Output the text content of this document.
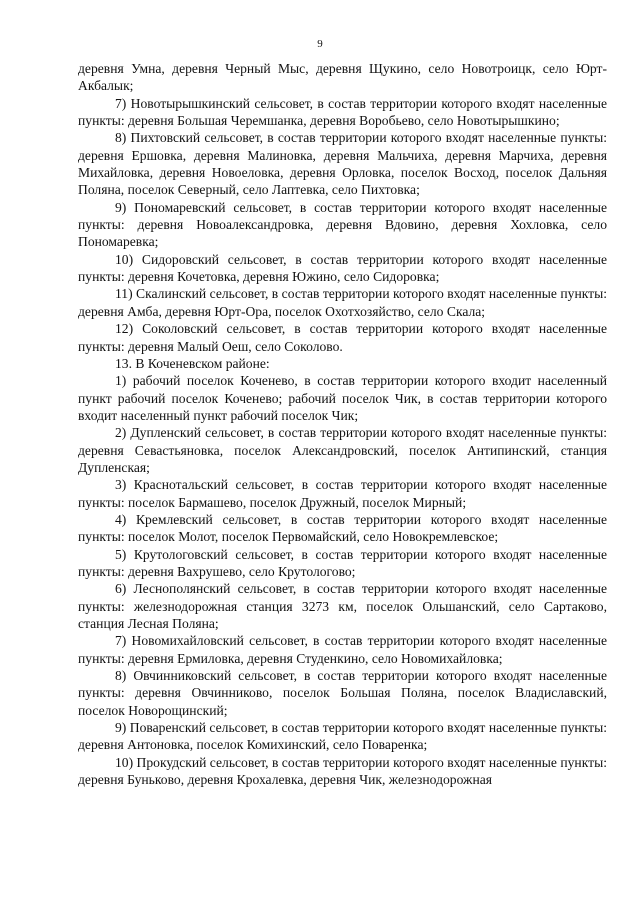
9

деревня Умна, деревня Черный Мыс, деревня Щукино, село Новотроицк, село Юрт-Акбалык;

7) Новотырышкинский сельсовет, в состав территории которого входят населенные пункты: деревня Большая Черемшанка, деревня Воробьево, село Новотырышкино;

8) Пихтовский сельсовет, в состав территории которого входят населенные пункты: деревня Ершовка, деревня Малиновка, деревня Мальчиха, деревня Марчиха, деревня Михайловка, деревня Новоеловка, деревня Орловка, поселок Восход, поселок Дальняя Поляна, поселок Северный, село Лаптевка, село Пихтовка;

9) Пономаревский сельсовет, в состав территории которого входят населенные пункты: деревня Новоалександровка, деревня Вдовино, деревня Хохловка, село Пономаревка;

10) Сидоровский сельсовет, в состав территории которого входят населенные пункты: деревня Кочетовка, деревня Южино, село Сидоровка;

11) Скалинский сельсовет, в состав территории которого входят населенные пункты: деревня Амба, деревня Юрт-Ора, поселок Охотхозяйство, село Скала;

12) Соколовский сельсовет, в состав территории которого входят населенные пункты: деревня Малый Оеш, село Соколово.

13. В Коченевском районе:

1) рабочий поселок Коченево, в состав территории которого входит населенный пункт рабочий поселок Коченево; рабочий поселок Чик, в состав территории которого входит населенный пункт рабочий поселок Чик;

2) Дупленский сельсовет, в состав территории которого входят населенные пункты: деревня Севастьяновка, поселок Александровский, поселок Антипинский, станция Дупленская;

3) Краснотальский сельсовет, в состав территории которого входят населенные пункты: поселок Бармашево, поселок Дружный, поселок Мирный;

4) Кремлевский сельсовет, в состав территории которого входят населенные пункты: поселок Молот, поселок Первомайский, село Новокремлевское;

5) Крутологовский сельсовет, в состав территории которого входят населенные пункты: деревня Вахрушево, село Крутологово;

6) Леснополянский сельсовет, в состав территории которого входят населенные пункты: железнодорожная станция 3273 км, поселок Ольшанский, село Сартаково, станция Лесная Поляна;

7) Новомихайловский сельсовет, в состав территории которого входят населенные пункты: деревня Ермиловка, деревня Студенкино, село Новомихайловка;

8) Овчинниковский сельсовет, в состав территории которого входят населенные пункты: деревня Овчинниково, поселок Большая Поляна, поселок Владиславский, поселок Новорощинский;

9) Поваренский сельсовет, в состав территории которого входят населенные пункты: деревня Антоновка, поселок Комихинский, село Поваренка;

10) Прокудский сельсовет, в состав территории которого входят населенные пункты: деревня Буньково, деревня Крохалевка, деревня Чик, железнодорожная
